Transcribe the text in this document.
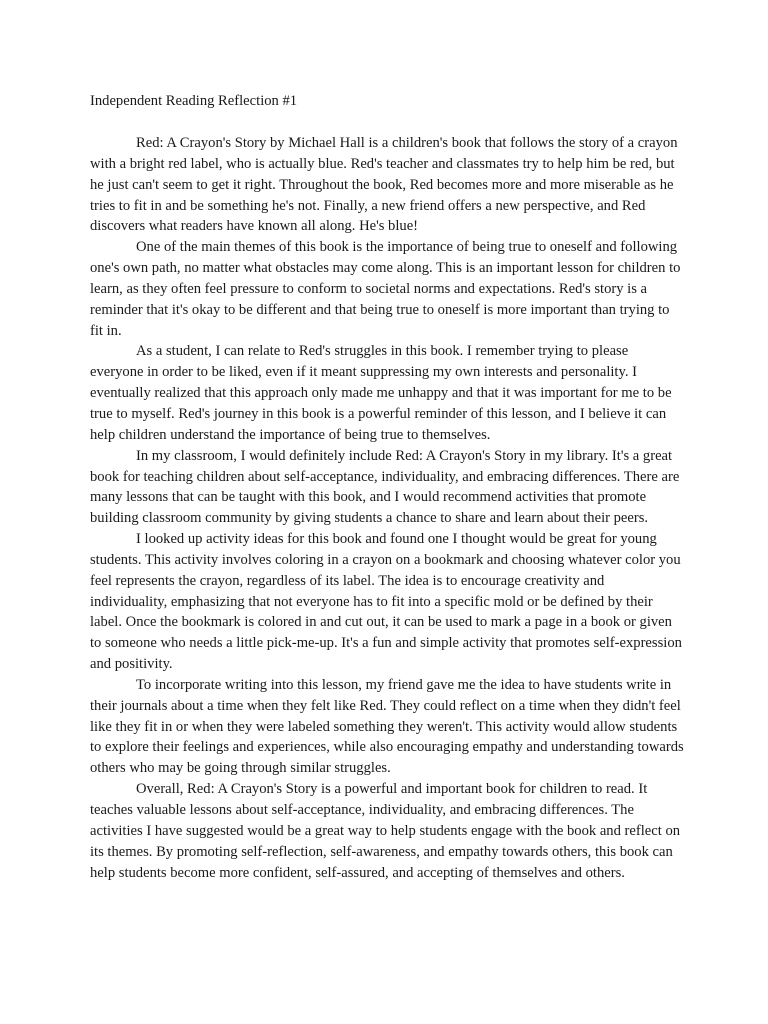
Independent Reading Reflection #1

Red: A Crayon's Story by Michael Hall is a children's book that follows the story of a crayon with a bright red label, who is actually blue. Red's teacher and classmates try to help him be red, but he just can't seem to get it right. Throughout the book, Red becomes more and more miserable as he tries to fit in and be something he's not. Finally, a new friend offers a new perspective, and Red discovers what readers have known all along. He's blue!

One of the main themes of this book is the importance of being true to oneself and following one's own path, no matter what obstacles may come along. This is an important lesson for children to learn, as they often feel pressure to conform to societal norms and expectations. Red's story is a reminder that it's okay to be different and that being true to oneself is more important than trying to fit in.

As a student, I can relate to Red's struggles in this book. I remember trying to please everyone in order to be liked, even if it meant suppressing my own interests and personality. I eventually realized that this approach only made me unhappy and that it was important for me to be true to myself. Red's journey in this book is a powerful reminder of this lesson, and I believe it can help children understand the importance of being true to themselves.

In my classroom, I would definitely include Red: A Crayon's Story in my library. It's a great book for teaching children about self-acceptance, individuality, and embracing differences. There are many lessons that can be taught with this book, and I would recommend activities that promote building classroom community by giving students a chance to share and learn about their peers.

I looked up activity ideas for this book and found one I thought would be great for young students. This activity involves coloring in a crayon on a bookmark and choosing whatever color you feel represents the crayon, regardless of its label. The idea is to encourage creativity and individuality, emphasizing that not everyone has to fit into a specific mold or be defined by their label. Once the bookmark is colored in and cut out, it can be used to mark a page in a book or given to someone who needs a little pick-me-up. It's a fun and simple activity that promotes self-expression and positivity.

To incorporate writing into this lesson, my friend gave me the idea to have students write in their journals about a time when they felt like Red. They could reflect on a time when they didn't feel like they fit in or when they were labeled something they weren't. This activity would allow students to explore their feelings and experiences, while also encouraging empathy and understanding towards others who may be going through similar struggles.

Overall, Red: A Crayon's Story is a powerful and important book for children to read. It teaches valuable lessons about self-acceptance, individuality, and embracing differences. The activities I have suggested would be a great way to help students engage with the book and reflect on its themes. By promoting self-reflection, self-awareness, and empathy towards others, this book can help students become more confident, self-assured, and accepting of themselves and others.
